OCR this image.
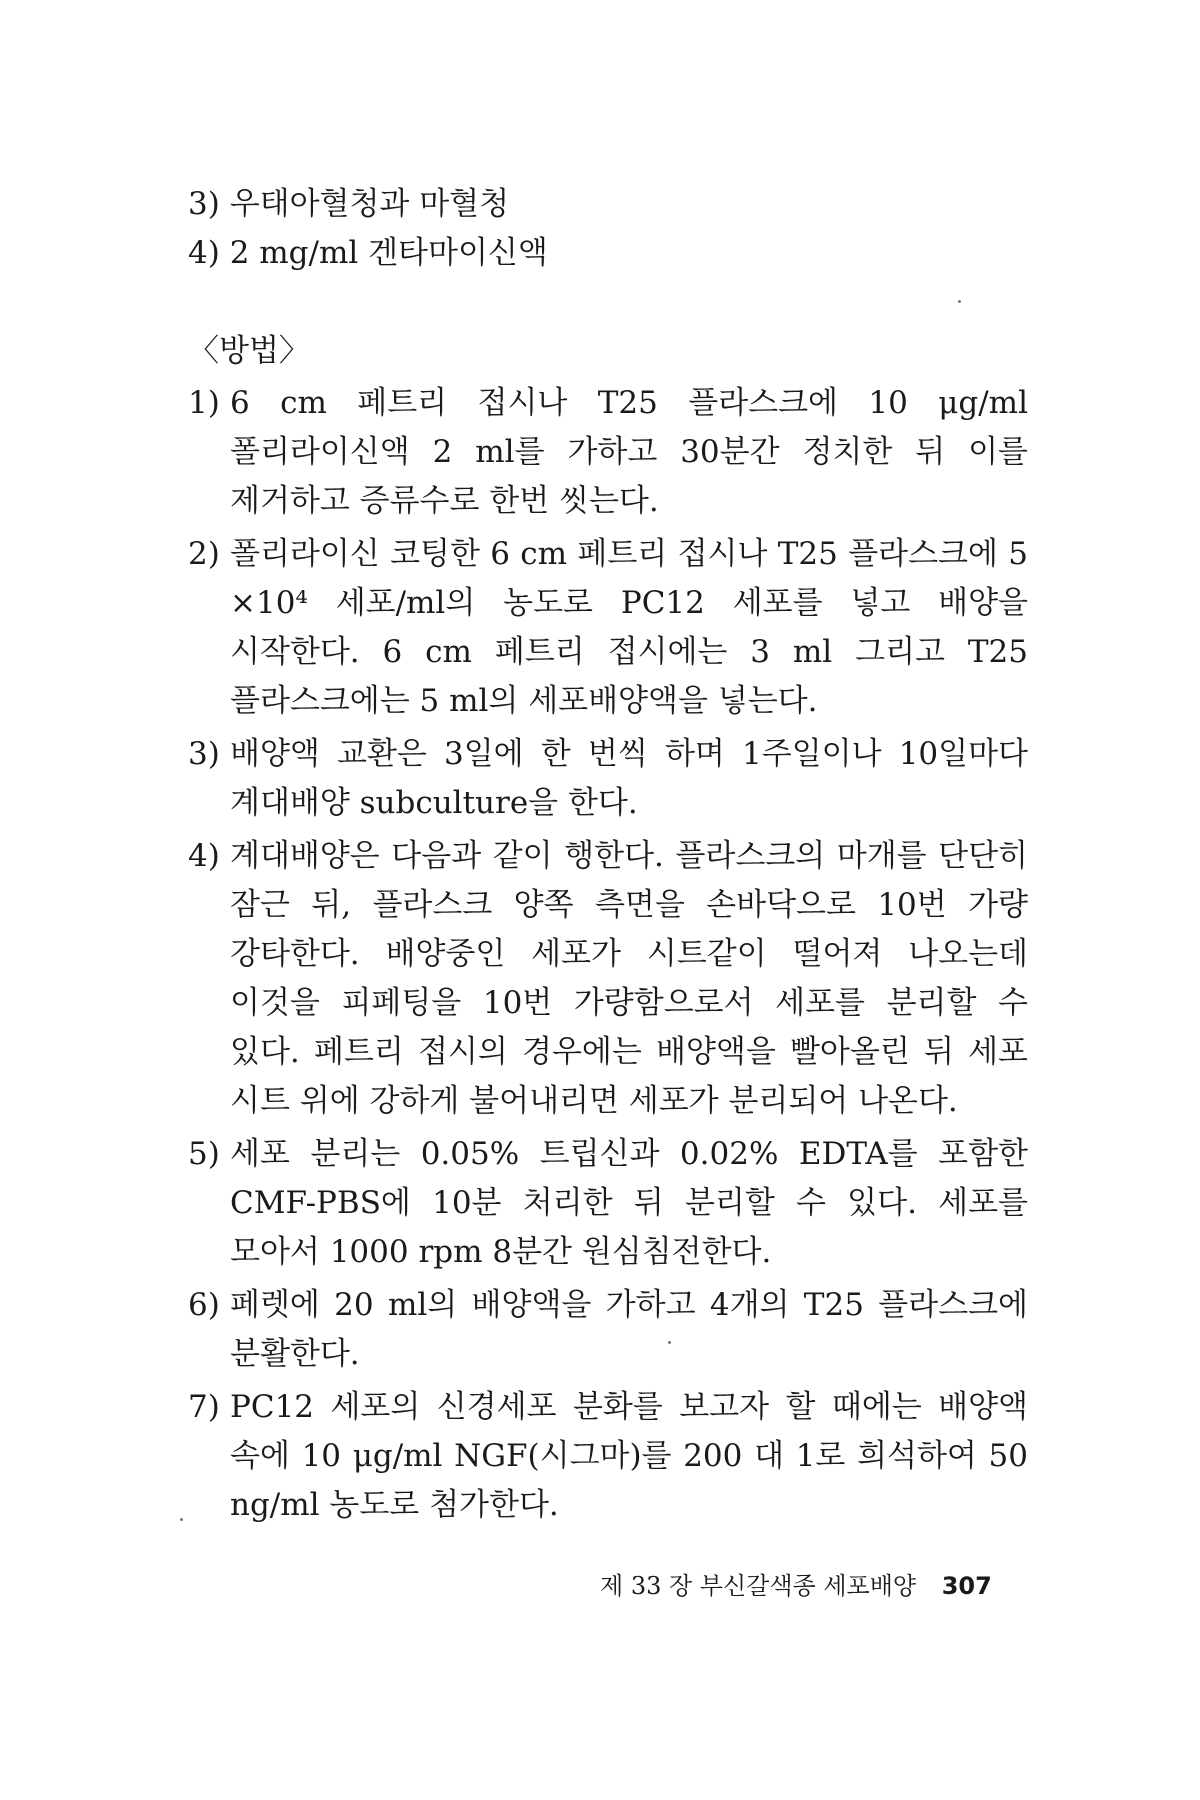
3) 우태아혈청과 마혈청
4) 2 mg/ml 겐타마이신액
〈방법〉
1) 6 cm 페트리 접시나 T25 플라스크에 10 μg/ml 폴리라이신액 2 ml를 가하고 30분간 정치한 뒤 이를 제거하고 증류수로 한번 씻는다.
2) 폴리라이신 코팅한 6 cm 페트리 접시나 T25 플라스크에 5 ×10⁴ 세포/ml의 농도로 PC12 세포를 넣고 배양을 시작한다. 6 cm 페트리 접시에는 3 ml 그리고 T25 플라스크에는 5 ml의 세포배양액을 넣는다.
3) 배양액 교환은 3일에 한 번씩 하며 1주일이나 10일마다 계대배양 subculture을 한다.
4) 계대배양은 다음과 같이 행한다. 플라스크의 마개를 단단히 잠근 뒤, 플라스크 양쪽 측면을 손바닥으로 10번 가량 강타한다. 배양중인 세포가 시트같이 떨어져 나오는데 이것을 피페팅을 10번 가량함으로서 세포를 분리할 수 있다. 페트리 접시의 경우에는 배양액을 빨아올린 뒤 세포 시트 위에 강하게 불어내리면 세포가 분리되어 나온다.
5) 세포 분리는 0.05% 트립신과 0.02% EDTA를 포함한 CMF-PBS에 10분 처리한 뒤 분리할 수 있다. 세포를 모아서 1000 rpm 8분간 원심침전한다.
6) 페렛에 20 ml의 배양액을 가하고 4개의 T25 플라스크에 분활한다.
7) PC12 세포의 신경세포 분화를 보고자 할 때에는 배양액 속에 10 μg/ml NGF(시그마)를 200 대 1로 희석하여 50 ng/ml 농도로 첨가한다.
제 33 장 부신갈색종 세포배양 307
